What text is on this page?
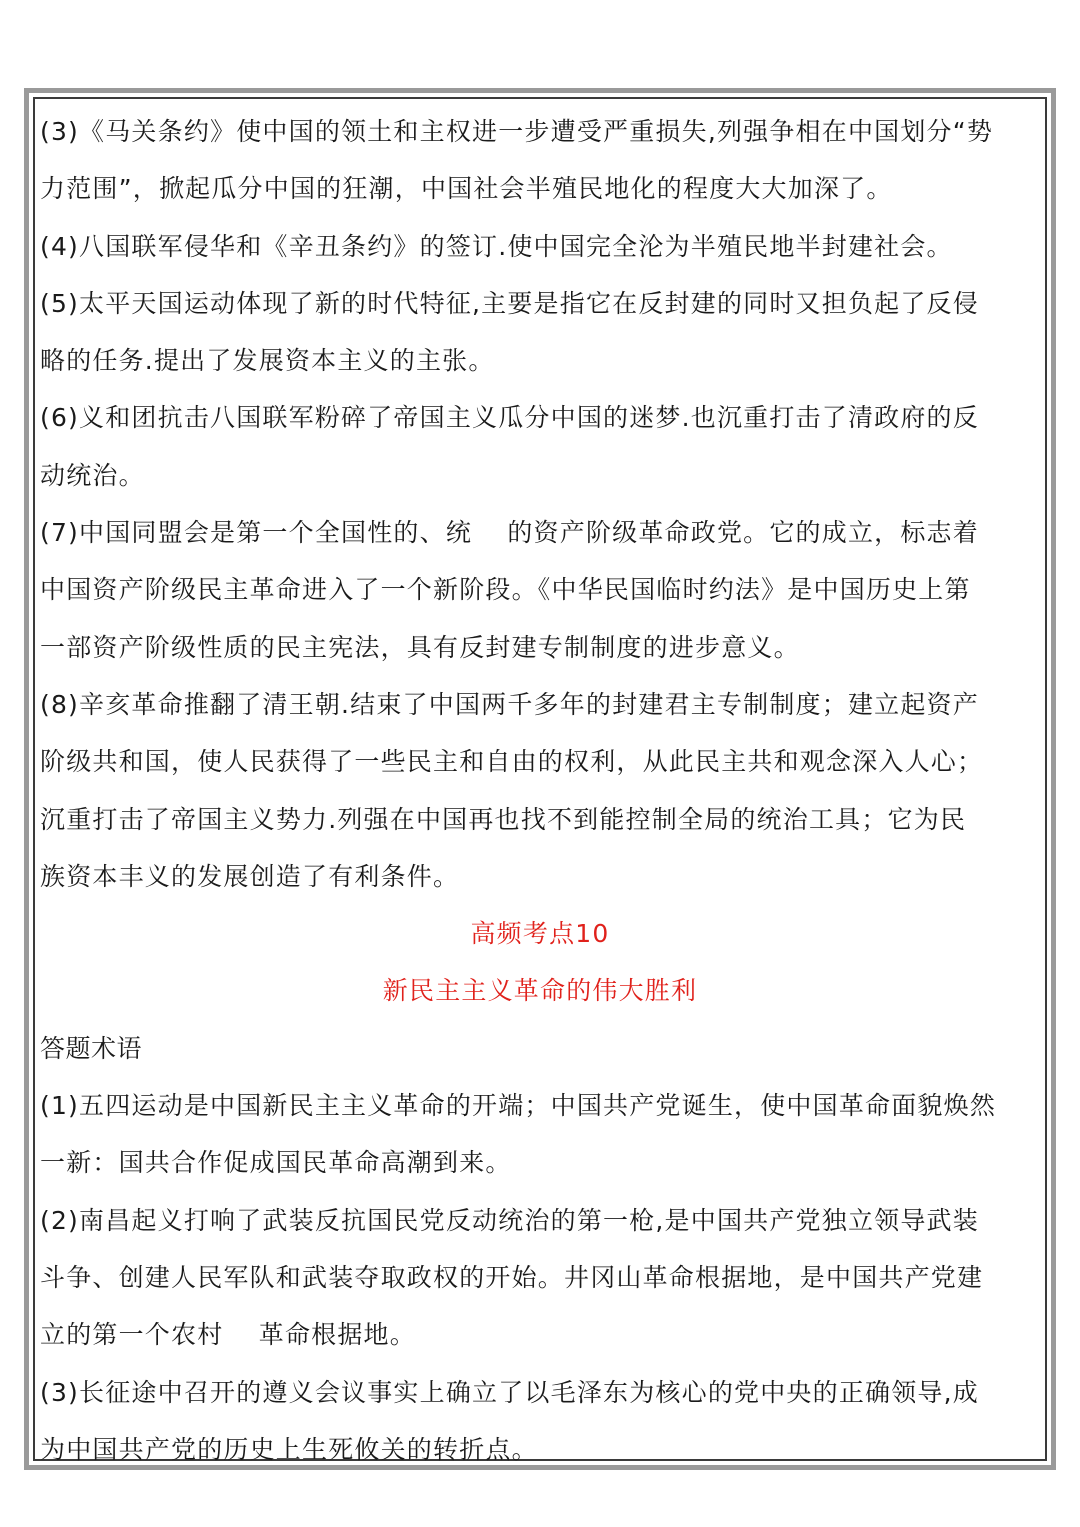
(3)《马关条约》使中国的领土和主权进一步遭受严重损失,列强争相在中国划分“势
力范围”，掀起瓜分中国的狂潮，中国社会半殖民地化的程度大大加深了。
(4)八国联军侵华和《辛丑条约》的签订.使中国完全沦为半殖民地半封建社会。
(5)太平天国运动体现了新的时代特征,主要是指它在反封建的同时又担负起了反侵
略的任务.提出了发展资本主义的主张。
(6)义和团抗击八国联军粉碎了帝国主义瓜分中国的迷梦.也沉重打击了清政府的反
动统治。
(7)中国同盟会是第一个全国性的、统　 的资产阶级革命政党。它的成立，标志着
中国资产阶级民主革命进入了一个新阶段。《中华民国临时约法》是中国历史上第
一部资产阶级性质的民主宪法，具有反封建专制制度的进步意义。
(8)辛亥革命推翻了清王朝.结束了中国两千多年的封建君主专制制度；建立起资产
阶级共和国，使人民获得了一些民主和自由的权利，从此民主共和观念深入人心；
沉重打击了帝国主义势力.列强在中国再也找不到能控制全局的统治工具；它为民
族资本丰义的发展创造了有利条件。
高频考点10
新民主主义革命的伟大胜利
答题术语
(1)五四运动是中国新民主主义革命的开端；中国共产党诞生，使中国革命面貌焕然
一新：国共合作促成国民革命高潮到来。
(2)南昌起义打响了武装反抗国民党反动统治的第一枪,是中国共产党独立领导武装
斗争、创建人民军队和武装夺取政权的开始。井冈山革命根据地，是中国共产党建
立的第一个农村　 革命根据地。
(3)长征途中召开的遵义会议事实上确立了以毛泽东为核心的党中央的正确领导,成
为中国共产党的历史上生死攸关的转折点。
